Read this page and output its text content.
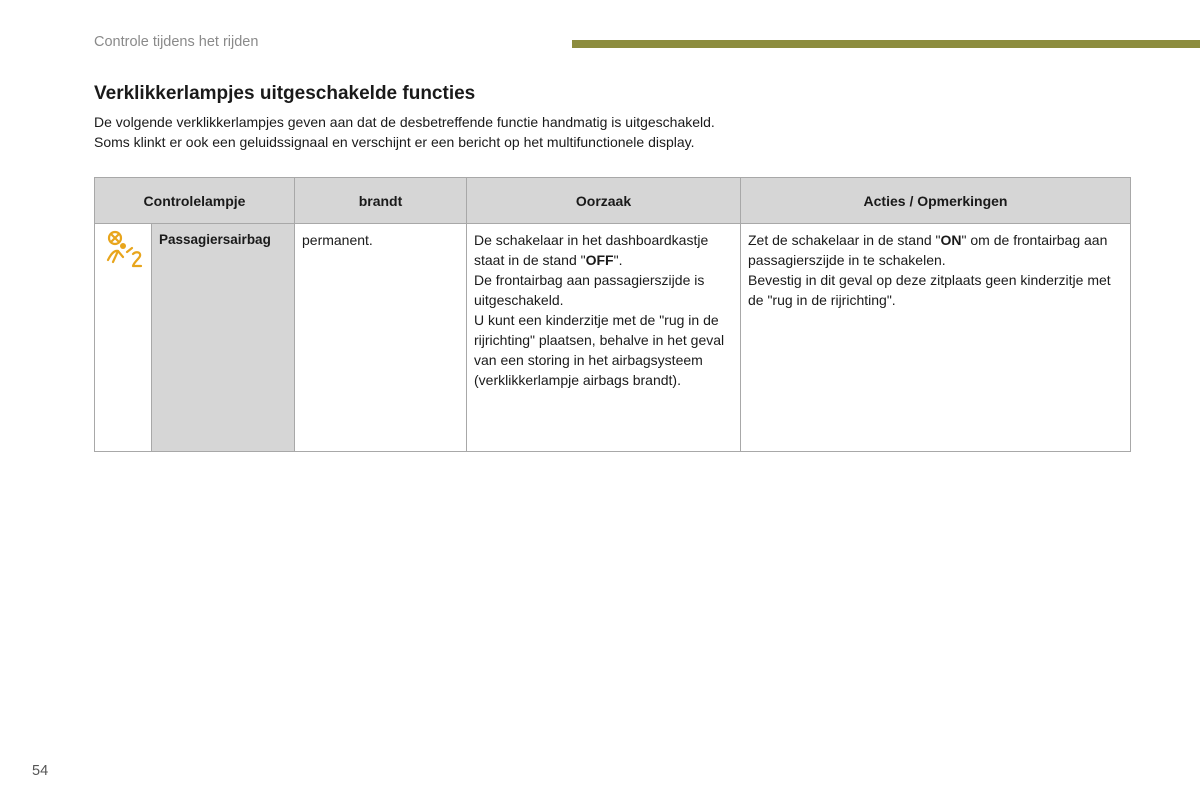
Controle tijdens het rijden
Verklikkerlampjes uitgeschakelde functies

De volgende verklikkerlampjes geven aan dat de desbetreffende functie handmatig is uitgeschakeld.

Soms klinkt er ook een geluidssignaal en verschijnt er een bericht op het multifunctionele display.

Controlelampje		brandt	Oorzaak	Acties / Opmerkingen
	Passagiersairbag	permanent.	De schakelaar in het dashboardkastje staat in de stand "OFF".
De frontairbag aan passagierszijde is uitgeschakeld.
U kunt een kinderzitje met de "rug in de rijrichting" plaatsen, behalve in het geval van een storing in het airbagsysteem (verklikkerlampje airbags brandt).	Zet de schakelaar in de stand "ON" om de frontairbag aan passagierszijde in te schakelen.
Bevestig in dit geval op deze zitplaats geen kinderzitje met de "rug in de rijrichting".
54
